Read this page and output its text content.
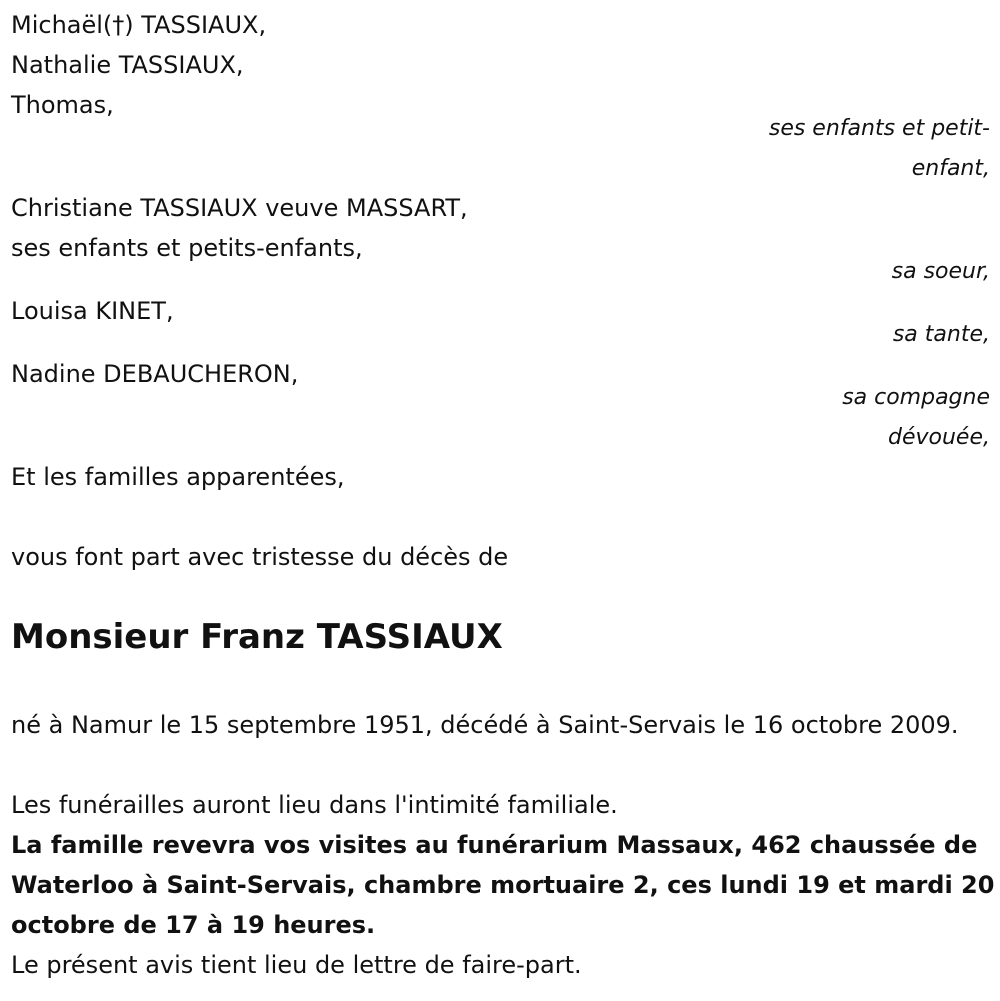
Michaël(†) TASSIAUX,
Nathalie TASSIAUX,
Thomas,
ses enfants et petit-
enfant,
Christiane TASSIAUX veuve MASSART,
ses enfants et petits-enfants,
sa soeur,
Louisa KINET,
sa tante,
Nadine DEBAUCHERON,
sa compagne
dévouée,
Et les familles apparentées,
vous font part avec tristesse du décès de
Monsieur Franz TASSIAUX
né à Namur le 15 septembre 1951, décédé à Saint-Servais le 16 octobre 2009.
Les funérailles auront lieu dans l'intimité familiale.
La famille revevra vos visites au funérarium Massaux, 462 chaussée de Waterloo à Saint-Servais, chambre mortuaire 2, ces lundi 19 et mardi 20 octobre de 17 à 19 heures.
Le présent avis tient lieu de lettre de faire-part.
